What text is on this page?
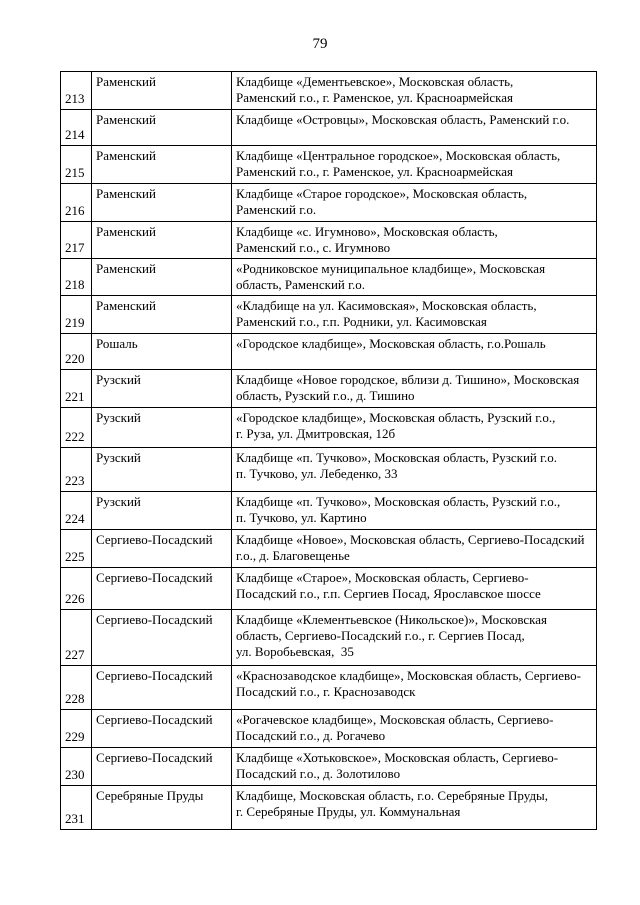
79
213	Раменский	Кладбище «Дементьевское», Московская область,
Раменский г.о., г. Раменское, ул. Красноармейская

214	Раменский	Кладбище «Островцы», Московская область, Раменский г.о.

215	Раменский	Кладбище «Центральное городское», Московская область,
Раменский г.о., г. Раменское, ул. Красноармейская

216	Раменский	Кладбище «Старое городское», Московская область,
Раменский г.о.

217	Раменский	Кладбище «с. Игумново», Московская область,
Раменский г.о., с. Игумново

218	Раменский	«Родниковское муниципальное кладбище», Московская
область, Раменский г.о.

219	Раменский	«Кладбище на ул. Касимовская», Московская область,
Раменский г.о., г.п. Родники, ул. Касимовская

220	Рошаль	«Городское кладбище», Московская область, г.о.Рошаль

221	Рузский	Кладбище «Новое городское, вблизи д. Тишино», Московская
область, Рузский г.о., д. Тишино

222	Рузский	«Городское кладбище», Московская область, Рузский г.о.,
г. Руза, ул. Дмитровская, 12б

223	Рузский	Кладбище «п. Тучково», Московская область, Рузский г.о.
п. Тучково, ул. Лебеденко, 33

224	Рузский	Кладбище «п. Тучково», Московская область, Рузский г.о.,
п. Тучково, ул. Картино

225	Сергиево-Посадский	Кладбище «Новое», Московская область, Сергиево-Посадский
г.о., д. Благовещенье

226	Сергиево-Посадский	Кладбище «Старое», Московская область, Сергиево-
Посадский г.о., г.п. Сергиев Посад, Ярославское шоссе

227	Сергиево-Посадский	Кладбище «Клементьевское (Никольское)», Московская
область, Сергиево-Посадский г.о., г. Сергиев Посад,
ул. Воробьевская,  35

228	Сергиево-Посадский	«Краснозаводское кладбище», Московская область, Сергиево-
Посадский г.о., г. Краснозаводск

229	Сергиево-Посадский	«Рогачевское кладбище», Московская область, Сергиево-
Посадский г.о., д. Рогачево

230	Сергиево-Посадский	Кладбище «Хотьковское», Московская область, Сергиево-
Посадский г.о., д. Золотилово

231	Серебряные Пруды	Кладбище, Московская область, г.о. Серебряные Пруды,
г. Серебряные Пруды, ул. Коммунальная
